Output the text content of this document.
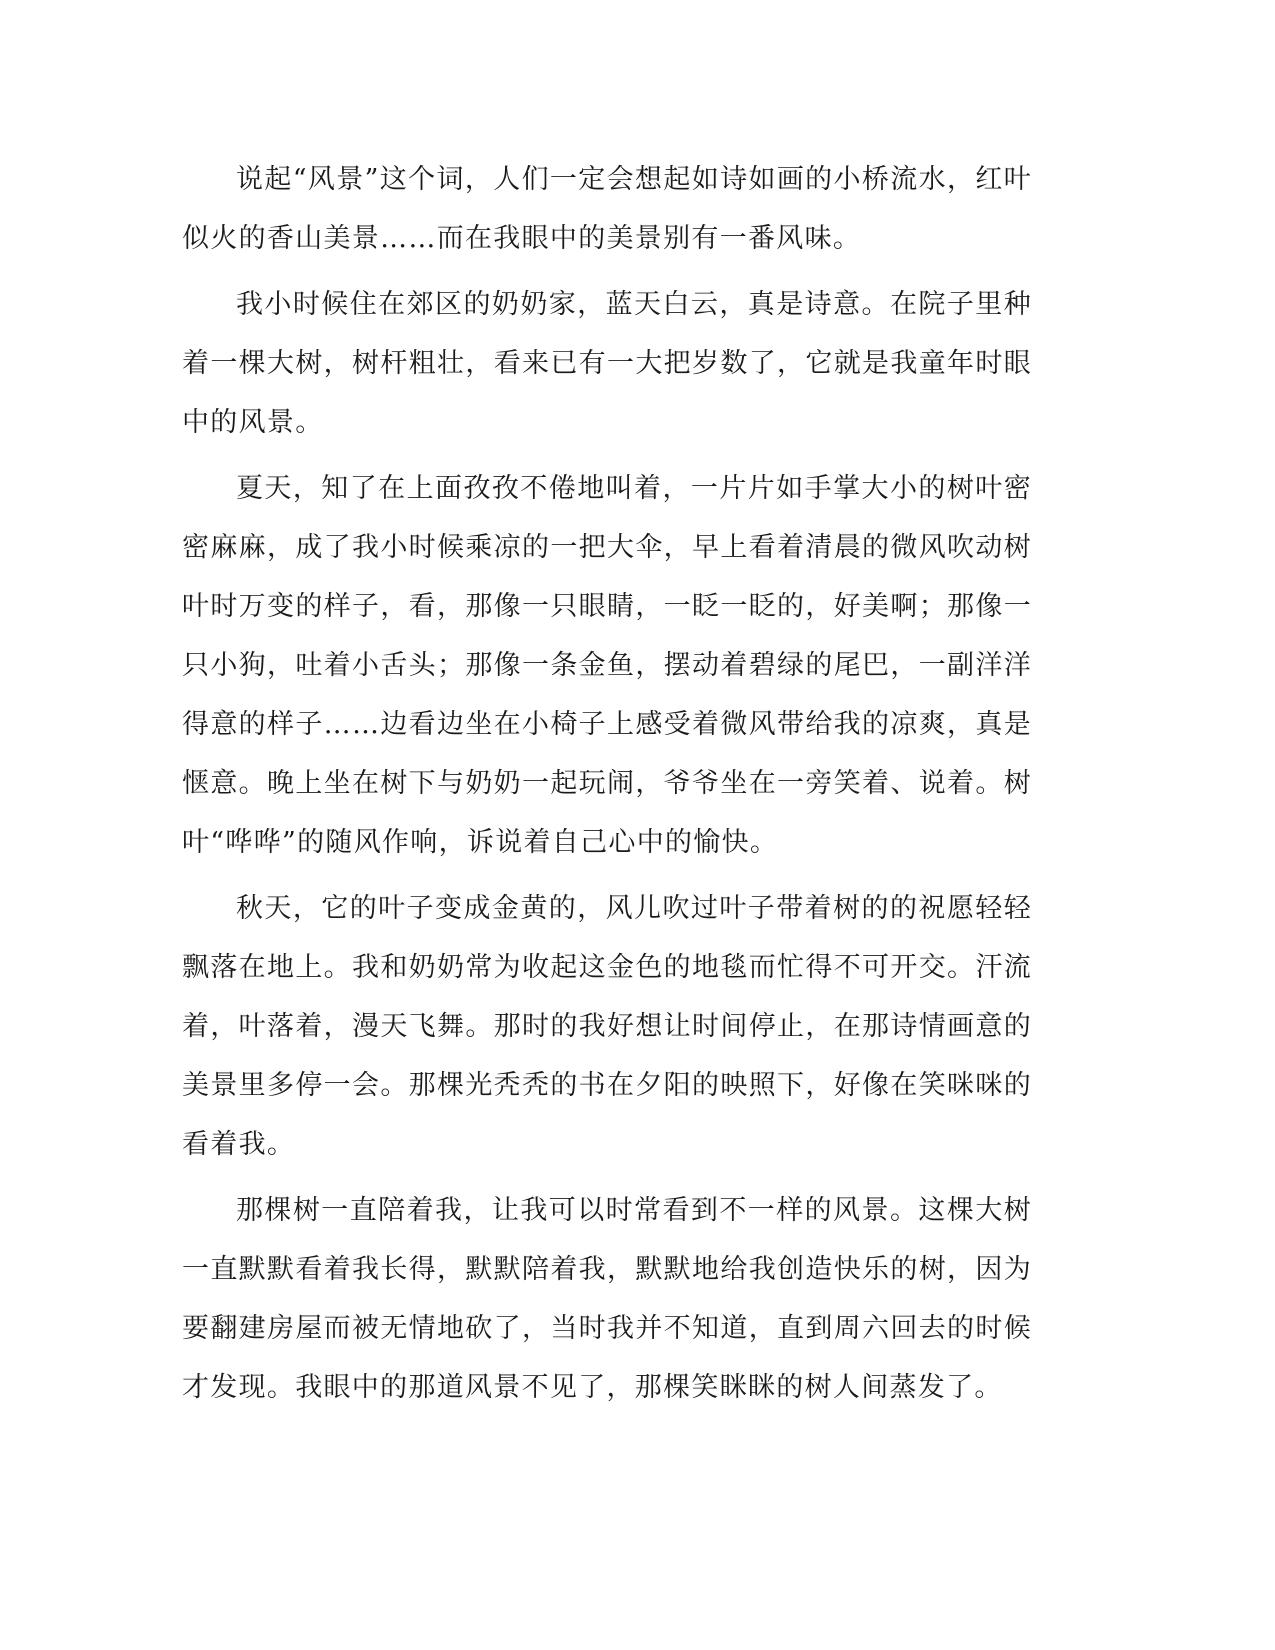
说起“风景”这个词，人们一定会想起如诗如画的小桥流水，红叶似火的香山美景……而在我眼中的美景别有一番风味。

我小时候住在郊区的奶奶家，蓝天白云，真是诗意。在院子里种着一棵大树，树杆粗壮，看来已有一大把岁数了，它就是我童年时眼中的风景。

夏天，知了在上面孜孜不倦地叫着，一片片如手掌大小的树叶密密麻麻，成了我小时候乘凉的一把大伞，早上看着清晨的微风吹动树叶时万变的样子，看，那像一只眼睛，一眨一眨的，好美啊；那像一只小狗，吐着小舌头；那像一条金鱼，摆动着碧绿的尾巴，一副洋洋得意的样子……边看边坐在小椅子上感受着微风带给我的凉爽，真是惬意。晚上坐在树下与奶奶一起玩闹，爷爷坐在一旁笑着、说着。树叶“哗哗”的随风作响，诉说着自己心中的愉快。

秋天，它的叶子变成金黄的，风儿吹过叶子带着树的的祝愿轻轻飘落在地上。我和奶奶常为收起这金色的地毯而忙得不可开交。汗流着，叶落着，漫天飞舞。那时的我好想让时间停止，在那诗情画意的美景里多停一会。那棵光秃秃的书在夕阳的映照下，好像在笑咪咪的看着我。

那棵树一直陪着我，让我可以时常看到不一样的风景。这棵大树一直默默看着我长得，默默陪着我，默默地给我创造快乐的树，因为要翻建房屋而被无情地砍了，当时我并不知道，直到周六回去的时候才发现。我眼中的那道风景不见了，那棵笑眯眯的树人间蒸发了。
